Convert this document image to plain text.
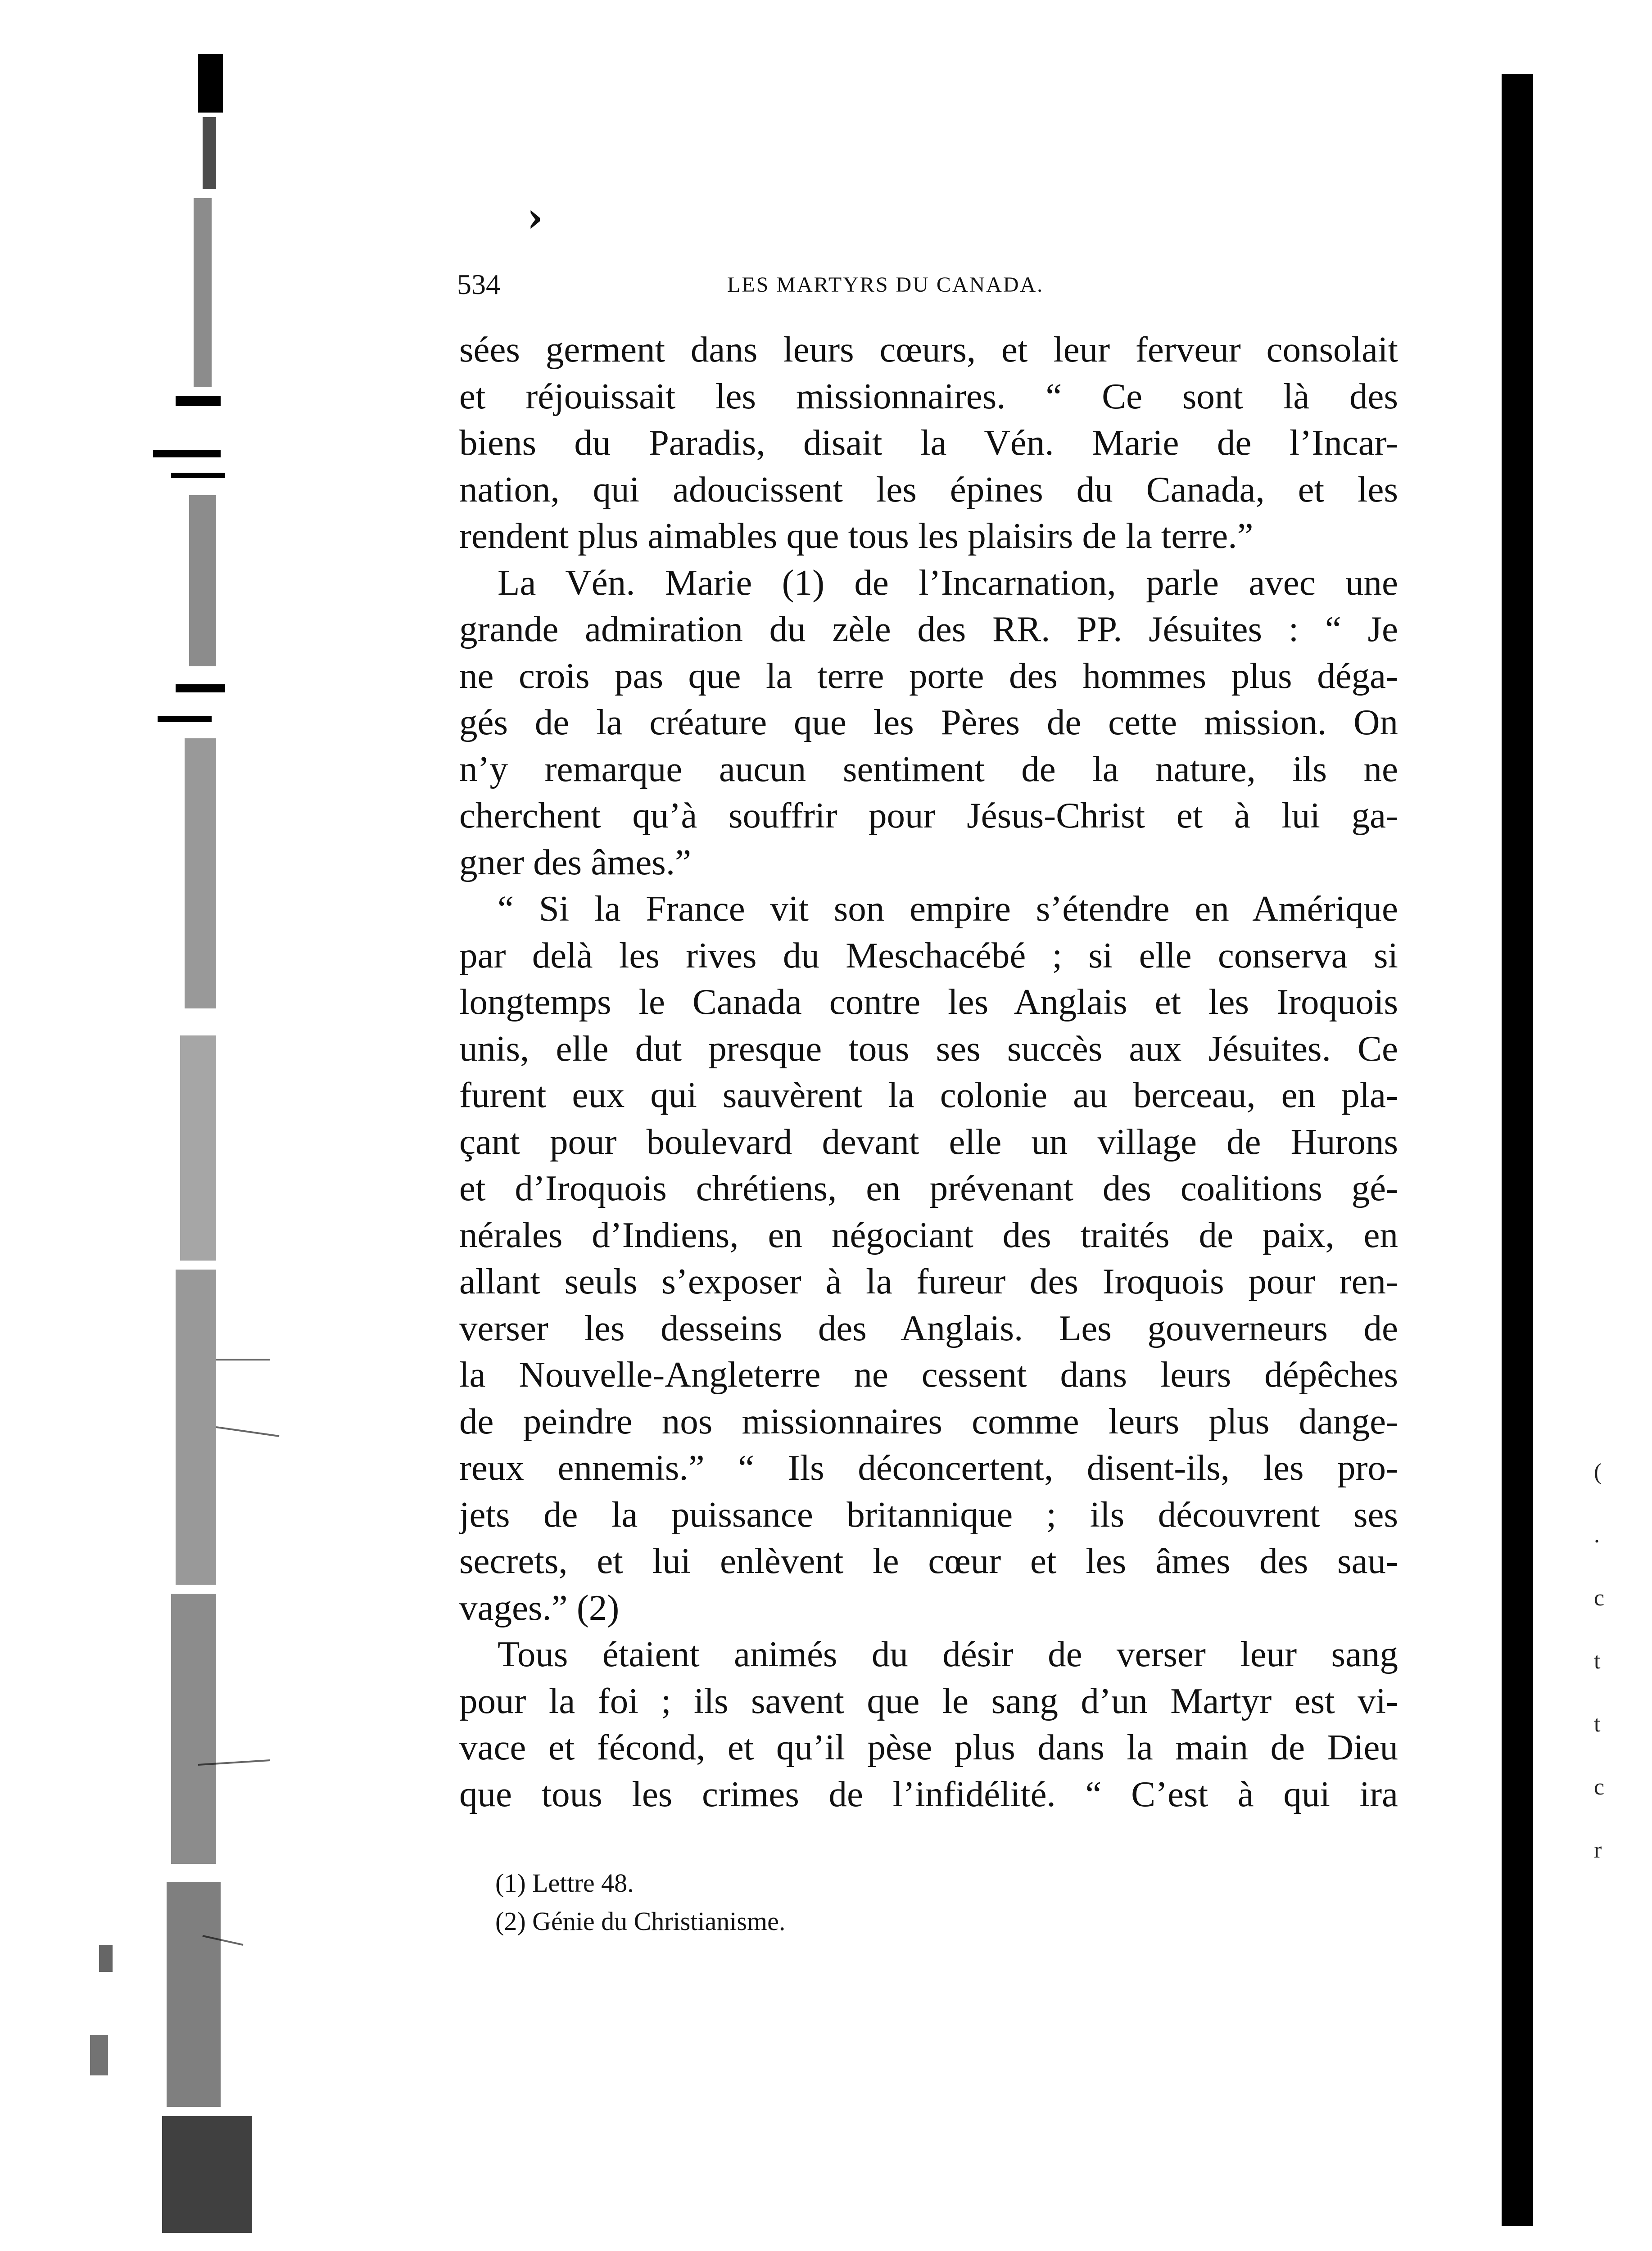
›
534	LES MARTYRS DU CANADA.
sées germent dans leurs cœurs, et leur ferveur consolait
et réjouissait les missionnaires. “ Ce sont là des
biens du Paradis, disait la Vén. Marie de l’Incar-
nation, qui adoucissent les épines du Canada, et les
rendent plus aimables que tous les plaisirs de la terre.”
La Vén. Marie (1) de l’Incarnation, parle avec une
grande admiration du zèle des RR. PP. Jésuites : “ Je
ne crois pas que la terre porte des hommes plus déga-
gés de la créature que les Pères de cette mission. On
n’y remarque aucun sentiment de la nature, ils ne
cherchent qu’à souffrir pour Jésus-Christ et à lui ga-
gner des âmes.”
“ Si la France vit son empire s’étendre en Amérique
par delà les rives du Meschacébé ; si elle conserva si
longtemps le Canada contre les Anglais et les Iroquois
unis, elle dut presque tous ses succès aux Jésuites. Ce
furent eux qui sauvèrent la colonie au berceau, en pla-
çant pour boulevard devant elle un village de Hurons
et d’Iroquois chrétiens, en prévenant des coalitions gé-
nérales d’Indiens, en négociant des traités de paix, en
allant seuls s’exposer à la fureur des Iroquois pour ren-
verser les desseins des Anglais. Les gouverneurs de
la Nouvelle-Angleterre ne cessent dans leurs dépêches
de peindre nos missionnaires comme leurs plus dange-
reux ennemis.” “ Ils déconcertent, disent-ils, les pro-
jets de la puissance britannique ; ils découvrent ses
secrets, et lui enlèvent le cœur et les âmes des sau-
vages.” (2)
Tous étaient animés du désir de verser leur sang
pour la foi ; ils savent que le sang d’un Martyr est vi-
vace et fécond, et qu’il pèse plus dans la main de Dieu
que tous les crimes de l’infidélité. “ C’est à qui ira
(1) Lettre 48.
(2) Génie du Christianisme.
(
.
c
t
t
c
r
